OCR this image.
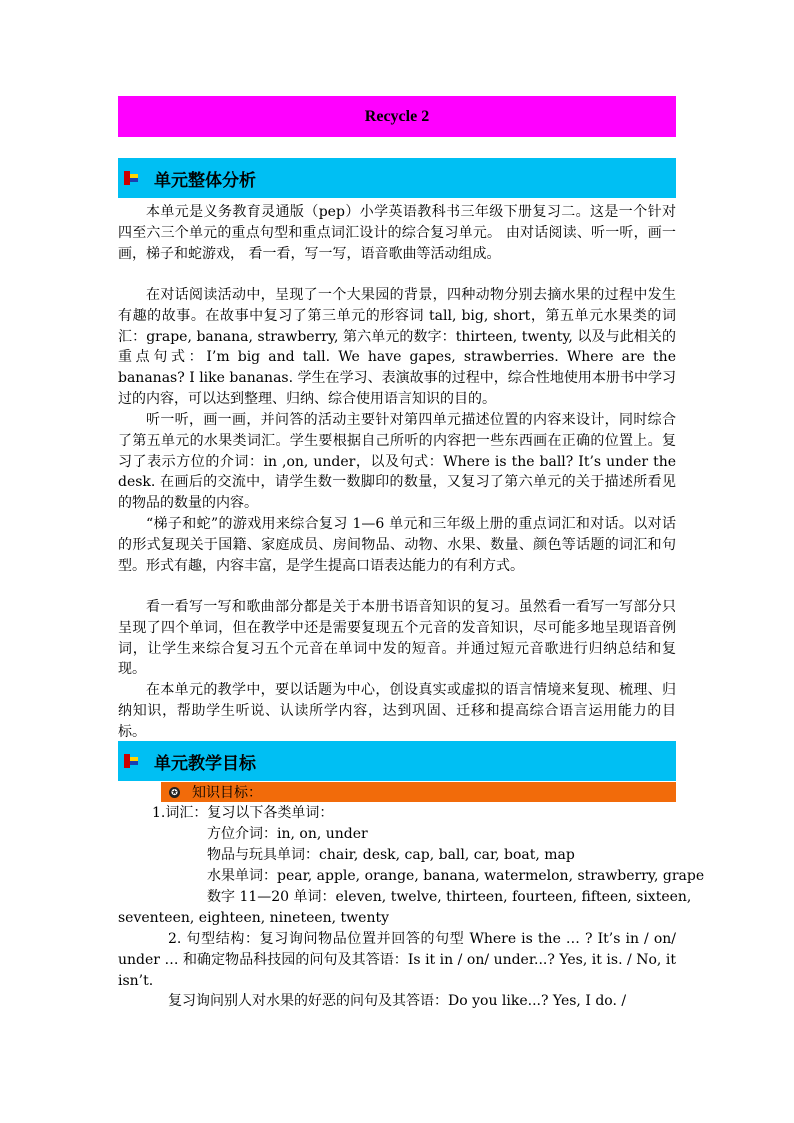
Recycle 2
单元整体分析

本单元是义务教育灵通版（pep）小学英语教科书三年级下册复习二。这是一个针对四至六三个单元的重点句型和重点词汇设计的综合复习单元。 由对话阅读、听一听，画一画，梯子和蛇游戏， 看一看，写一写，语音歌曲等活动组成。

在对话阅读活动中，呈现了一个大果园的背景，四种动物分别去摘水果的过程中发生有趣的故事。在故事中复习了第三单元的形容词 tall, big, short，第五单元水果类的词汇：grape, banana, strawberry, 第六单元的数字：thirteen, twenty, 以及与此相关的重点句式：I’m big and tall. We have gapes, strawberries. Where are the bananas? I like bananas. 学生在学习、表演故事的过程中，综合性地使用本册书中学习过的内容，可以达到整理、归纳、综合使用语言知识的目的。

听一听，画一画，并问答的活动主要针对第四单元描述位置的内容来设计，同时综合了第五单元的水果类词汇。学生要根据自己所听的内容把一些东西画在正确的位置上。复习了表示方位的介词：in ,on, under，以及句式：Where is the ball? It’s under the desk. 在画后的交流中，请学生数一数脚印的数量，又复习了第六单元的关于描述所看见的物品的数量的内容。

“梯子和蛇”的游戏用来综合复习 1—6 单元和三年级上册的重点词汇和对话。以对话的形式复现关于国籍、家庭成员、房间物品、动物、水果、数量、颜色等话题的词汇和句型。形式有趣，内容丰富，是学生提高口语表达能力的有利方式。

看一看写一写和歌曲部分都是关于本册书语音知识的复习。虽然看一看写一写部分只呈现了四个单词，但在教学中还是需要复现五个元音的发音知识，尽可能多地呈现语音例词，让学生来综合复习五个元音在单词中发的短音。并通过短元音歌进行归纳总结和复现。

在本单元的教学中，要以话题为中心，创设真实或虚拟的语言情境来复现、梳理、归纳知识，帮助学生听说、认读所学内容，达到巩固、迁移和提高综合语言运用能力的目标。

单元教学目标
✪ 知识目标：

1.词汇：复习以下各类单词：

方位介词：in, on, under

物品与玩具单词：chair, desk, cap, ball, car, boat, map

水果单词：pear, apple, orange, banana, watermelon, strawberry, grape

数字 11—20 单词：eleven, twelve, thirteen, fourteen, fifteen, sixteen,

seventeen, eighteen, nineteen, twenty

2. 句型结构：复习询问物品位置并回答的句型 Where is the … ? It’s in / on/ under … 和确定物品科技园的问句及其答语：Is it in / on/ under...? Yes, it is. / No, it isn’t.

复习询问别人对水果的好恶的问句及其答语：Do you like...? Yes, I do. /
